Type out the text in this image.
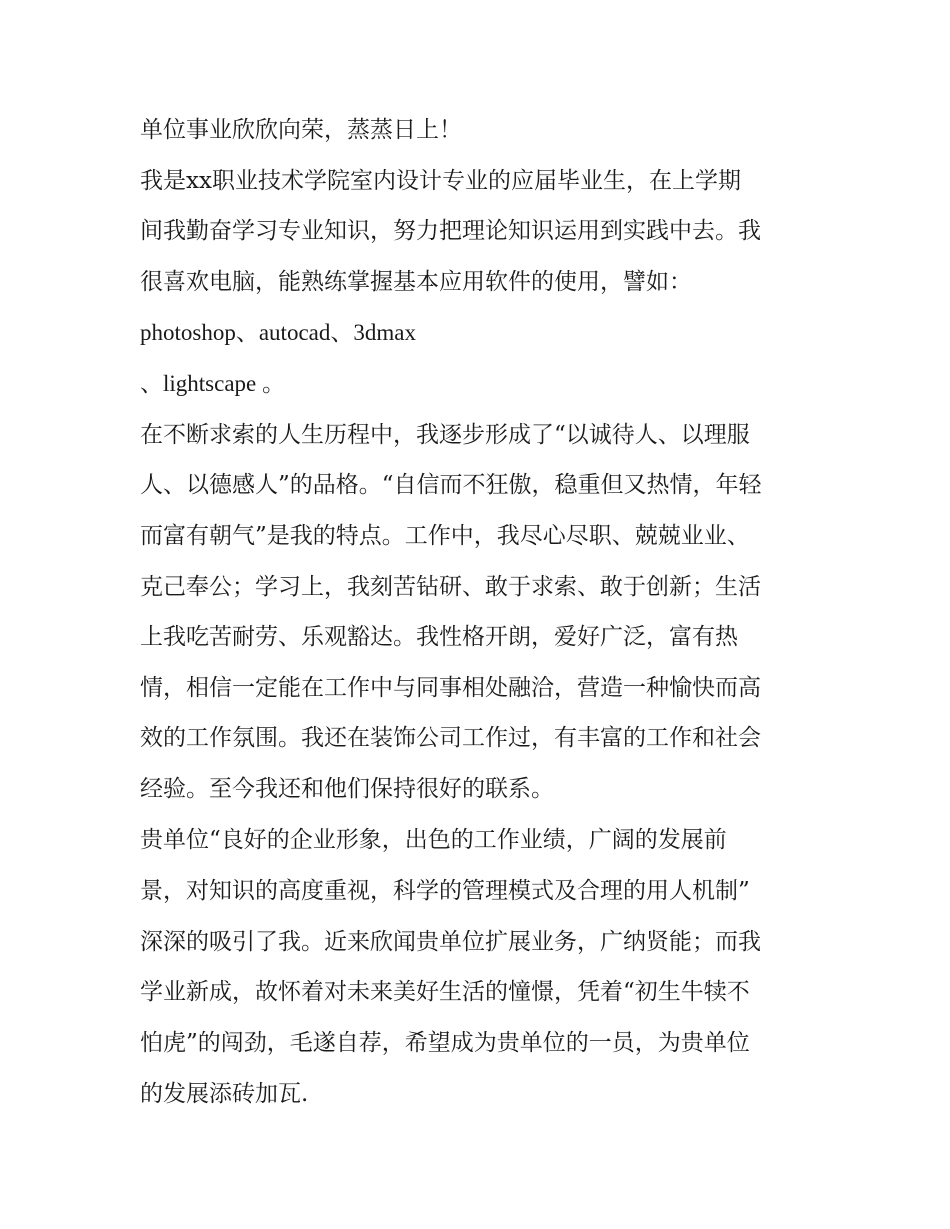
单位事业欣欣向荣，蒸蒸日上！
我是xx职业技术学院室内设计专业的应届毕业生，在上学期
间我勤奋学习专业知识，努力把理论知识运用到实践中去。我
很喜欢电脑，能熟练掌握基本应用软件的使用，譬如：
photoshop、autocad、3dmax
、lightscape 。
在不断求索的人生历程中，我逐步形成了“以诚待人、以理服
人、以德感人”的品格。“自信而不狂傲，稳重但又热情，年轻
而富有朝气”是我的特点。工作中，我尽心尽职、兢兢业业、
克己奉公；学习上，我刻苦钻研、敢于求索、敢于创新；生活
上我吃苦耐劳、乐观豁达。我性格开朗，爱好广泛，富有热
情，相信一定能在工作中与同事相处融洽，营造一种愉快而高
效的工作氛围。我还在装饰公司工作过，有丰富的工作和社会
经验。至今我还和他们保持很好的联系。
贵单位“良好的企业形象，出色的工作业绩，广阔的发展前
景，对知识的高度重视，科学的管理模式及合理的用人机制”
深深的吸引了我。近来欣闻贵单位扩展业务，广纳贤能；而我
学业新成，故怀着对未来美好生活的憧憬，凭着“初生牛犊不
怕虎”的闯劲，毛遂自荐，希望成为贵单位的一员，为贵单位
的发展添砖加瓦.
